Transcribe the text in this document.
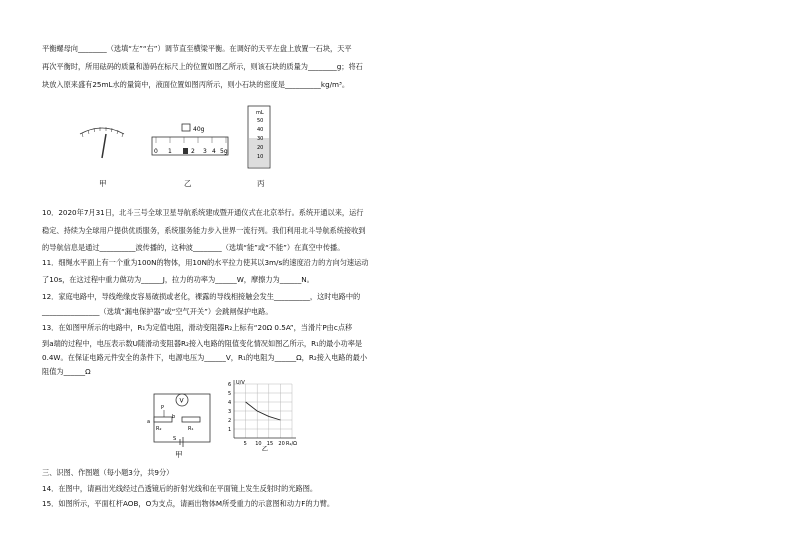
平衡螺母向________（选填“左”“右”）调节直至横梁平衡。在调好的天平左盘上放置一石块，天平
再次平衡时，所用砝码的质量和游码在标尺上的位置如图乙所示，则该石块的质量为________g；将石
块放入原来盛有25mL水的量筒中，液面位置如图丙所示，则小石块的密度是__________kg/m³。
40g
0 1	2 3 4 5g
mL
50
40
30
20
10
甲	乙	丙
10．2020年7月31日，北斗三号全球卫星导航系统建成暨开通仪式在北京举行。系统开通以来，运行
稳定、持续为全球用户提供优质服务，系统服务能力步入世界一流行列。我们利用北斗导航系统接收到
的导航信息是通过__________波传播的，这种波________（选填“能”或“不能”）在真空中传播。
11．细绳水平面上有一个重为100N的物体，用10N的水平拉力使其以3m/s的速度沿力的方向匀速运动
了10s，在这过程中重力做功为______J，拉力的功率为______W，摩擦力为______N。
12．家庭电路中，导线绝缘皮容易破损或老化，裸露的导线相接触会发生__________，这时电路中的
________________（选填“漏电保护器”或“空气开关”）会跳闸保护电路。
13．在如图甲所示的电路中，R₁为定值电阻，滑动变阻器R₂上标有“20Ω 0.5A”，当滑片P由c点移
到a端的过程中，电压表示数U随滑动变阻器R₂接入电路的阻值变化情况如图乙所示，R₁的最小功率是
0.4W。在保证电路元件安全的条件下，电源电压为______V，R₁的电阻为______Ω，R₂接入电路的最小
阻值为______Ω
V
P
a
b
R₂	R₁
S
甲
1
2
3
4
5
6
5 10 15 20
U/V
R₂/Ω
乙
三、识图、作图题（每小题3分，共9分）
14．在图中，请画出光线经过凸透镜后的折射光线和在平面镜上发生反射时的光路图。
15．如图所示，平面杠杆AOB，O为支点，请画出物体M所受重力的示意图和动力F的力臂。
